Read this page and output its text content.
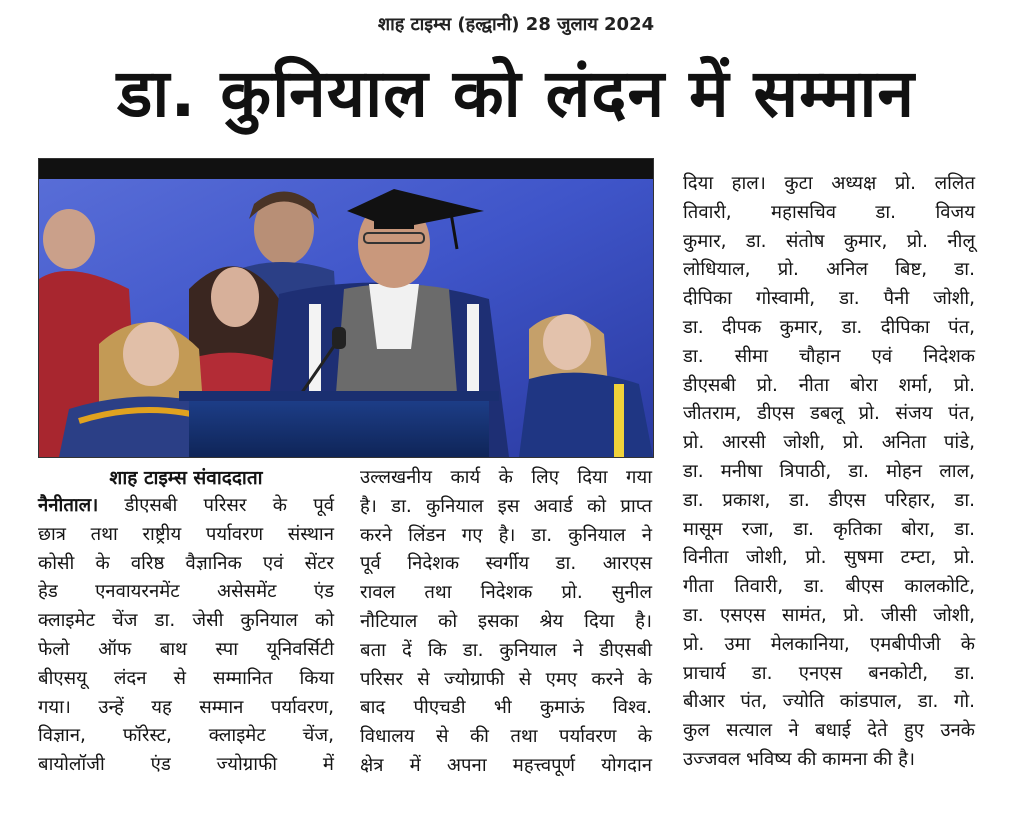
शाह टाइम्स (हल्द्वानी) 28 जुलाय 2024
डा. कुनियाल को लंदन में सम्मान
शाह टाइम्स संवाददाता

नैनीताल। डीएसबी परिसर के पूर्व

छात्र तथा राष्ट्रीय पर्यावरण संस्थान

कोसी के वरिष्ठ वैज्ञानिक एवं सेंटर

हेड एनवायरनमेंट असेसमेंट एंड

क्लाइमेट चेंज डा. जेसी कुनियाल को

फेलो ऑफ बाथ स्पा यूनिवर्सिटी

बीएसयू लंदन से सम्मानित किया

गया। उन्हें यह सम्मान पर्यावरण,

विज्ञान, फॉरेस्ट, क्लाइमेट चेंज,

बायोलॉजी एंड ज्योग्राफी में

उल्लखनीय कार्य के लिए दिया गया

है। डा. कुनियाल इस अवार्ड को प्राप्त

करने लिंडन गए है। डा. कुनियाल ने

पूर्व निदेशक स्वर्गीय डा. आरएस

रावल तथा निदेशक प्रो. सुनील

नौटियाल को इसका श्रेय दिया है।

बता दें कि डा. कुनियाल ने डीएसबी

परिसर से ज्योग्राफी से एमए करने के

बाद पीएचडी भी कुमाऊं विश्व.

विधालय से की तथा पर्यावरण के

क्षेत्र में अपना महत्त्वपूर्ण योगदान

दिया हाल। कुटा अध्यक्ष प्रो. ललित

तिवारी, महासचिव डा. विजय

कुमार, डा. संतोष कुमार, प्रो. नीलू

लोधियाल, प्रो. अनिल बिष्ट, डा.

दीपिका गोस्वामी, डा. पैनी जोशी,

डा. दीपक कुमार, डा. दीपिका पंत,

डा. सीमा चौहान एवं निदेशक

डीएसबी प्रो. नीता बोरा शर्मा, प्रो.

जीतराम, डीएस डबलू प्रो. संजय पंत,

प्रो. आरसी जोशी, प्रो. अनिता पांडे,

डा. मनीषा त्रिपाठी, डा. मोहन लाल,

डा. प्रकाश, डा. डीएस परिहार, डा.

मासूम रजा, डा. कृतिका बोरा, डा.

विनीता जोशी, प्रो. सुषमा टम्टा, प्रो.

गीता तिवारी, डा. बीएस कालकोटि,

डा. एसएस सामंत, प्रो. जीसी जोशी,

प्रो. उमा मेलकानिया, एमबीपीजी के

प्राचार्य डा. एनएस बनकोटी, डा.

बीआर पंत, ज्योति कांडपाल, डा. गो.

कुल सत्याल ने बधाई देते हुए उनके

उज्जवल भविष्य की कामना की है।
